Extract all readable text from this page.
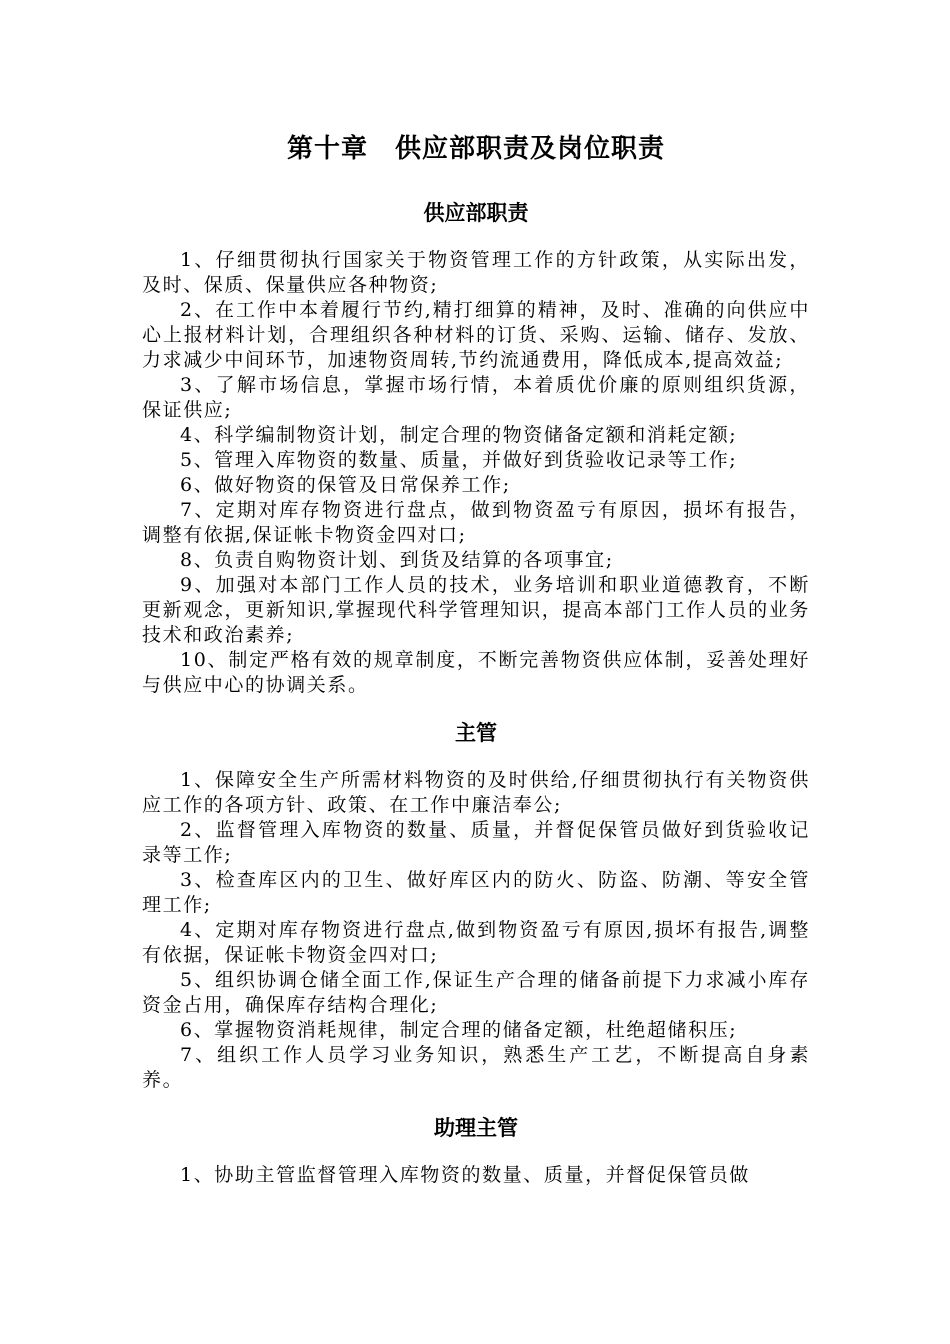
第十章　供应部职责及岗位职责
供应部职责

1、仔细贯彻执行国家关于物资管理工作的方针政策，从实际出发，及时、保质、保量供应各种物资;

2、在工作中本着履行节约,精打细算的精神，及时、准确的向供应中心上报材料计划，合理组织各种材料的订货、采购、运输、储存、发放、力求减少中间环节，加速物资周转,节约流通费用，降低成本,提高效益;

3、了解市场信息，掌握市场行情，本着质优价廉的原则组织货源，保证供应;

4、科学编制物资计划，制定合理的物资储备定额和消耗定额;

5、管理入库物资的数量、质量，并做好到货验收记录等工作;

6、做好物资的保管及日常保养工作;

7、定期对库存物资进行盘点，做到物资盈亏有原因，损坏有报告，调整有依据,保证帐卡物资金四对口;

8、负责自购物资计划、到货及结算的各项事宜;

9、加强对本部门工作人员的技术，业务培训和职业道德教育，不断更新观念，更新知识,掌握现代科学管理知识，提高本部门工作人员的业务技术和政治素养;

10、制定严格有效的规章制度，不断完善物资供应体制，妥善处理好与供应中心的协调关系。

主管

1、保障安全生产所需材料物资的及时供给,仔细贯彻执行有关物资供应工作的各项方针、政策、在工作中廉洁奉公;

2、监督管理入库物资的数量、质量，并督促保管员做好到货验收记录等工作;

3、检查库区内的卫生、做好库区内的防火、防盗、防潮、等安全管理工作;

4、定期对库存物资进行盘点,做到物资盈亏有原因,损坏有报告,调整有依据，保证帐卡物资金四对口;

5、组织协调仓储全面工作,保证生产合理的储备前提下力求减小库存资金占用，确保库存结构合理化;

6、掌握物资消耗规律，制定合理的储备定额，杜绝超储积压;

7、组织工作人员学习业务知识，熟悉生产工艺，不断提高自身素养。

助理主管

1、协助主管监督管理入库物资的数量、质量，并督促保管员做
